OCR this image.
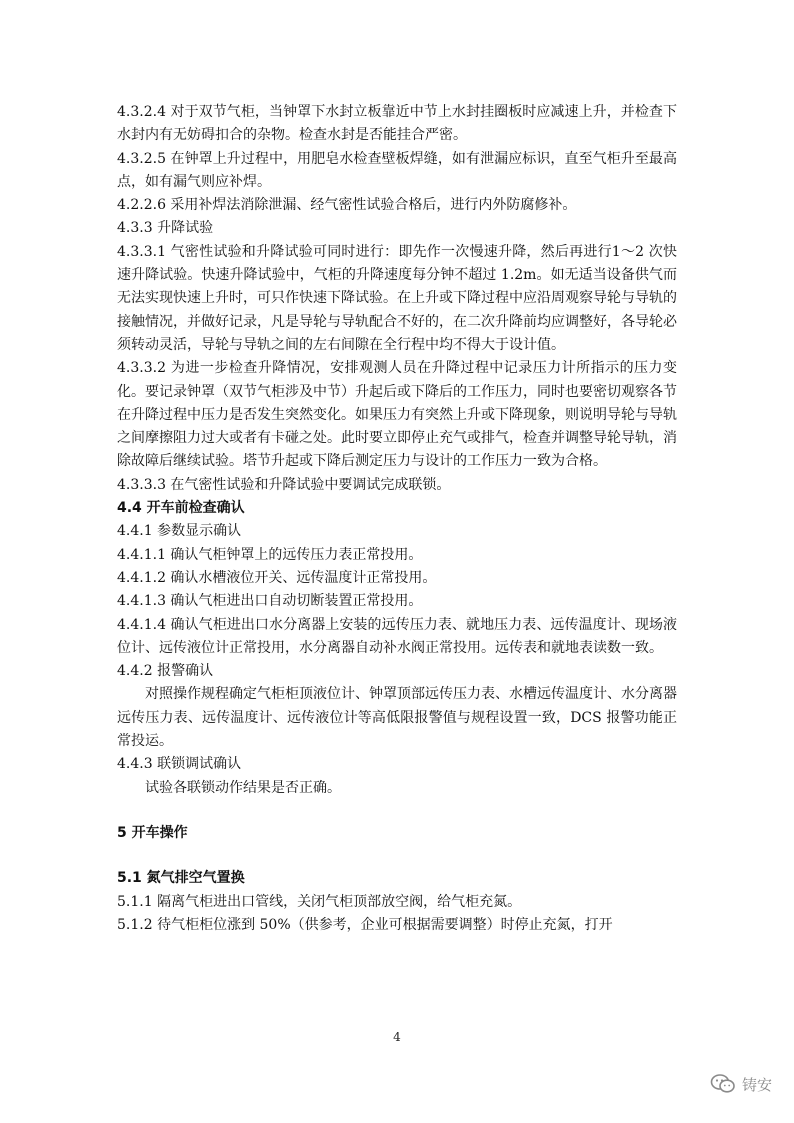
4.3.2.4 对于双节气柜，当钟罩下水封立板靠近中节上水封挂圈板时应减速上升，并检查下水封内有无妨碍扣合的杂物。检查水封是否能挂合严密。

4.3.2.5 在钟罩上升过程中，用肥皂水检查壁板焊缝，如有泄漏应标识，直至气柜升至最高点，如有漏气则应补焊。

4.2.2.6 采用补焊法消除泄漏、经气密性试验合格后，进行内外防腐修补。

4.3.3 升降试验

4.3.3.1 气密性试验和升降试验可同时进行：即先作一次慢速升降，然后再进行1～2 次快速升降试验。快速升降试验中，气柜的升降速度每分钟不超过 1.2m。如无适当设备供气而无法实现快速上升时，可只作快速下降试验。在上升或下降过程中应沿周观察导轮与导轨的接触情况，并做好记录，凡是导轮与导轨配合不好的，在二次升降前均应调整好，各导轮必须转动灵活，导轮与导轨之间的左右间隙在全行程中均不得大于设计值。

4.3.3.2 为进一步检查升降情况，安排观测人员在升降过程中记录压力计所指示的压力变化。要记录钟罩（双节气柜涉及中节）升起后或下降后的工作压力，同时也要密切观察各节在升降过程中压力是否发生突然变化。如果压力有突然上升或下降现象，则说明导轮与导轨之间摩擦阻力过大或者有卡碰之处。此时要立即停止充气或排气，检查并调整导轮导轨，消除故障后继续试验。塔节升起或下降后测定压力与设计的工作压力一致为合格。

4.3.3.3 在气密性试验和升降试验中要调试完成联锁。

4.4 开车前检查确认

4.4.1 参数显示确认

4.4.1.1 确认气柜钟罩上的远传压力表正常投用。

4.4.1.2 确认水槽液位开关、远传温度计正常投用。

4.4.1.3 确认气柜进出口自动切断装置正常投用。

4.4.1.4 确认气柜进出口水分离器上安装的远传压力表、就地压力表、远传温度计、现场液位计、远传液位计正常投用，水分离器自动补水阀正常投用。远传表和就地表读数一致。

4.4.2 报警确认

对照操作规程确定气柜柜顶液位计、钟罩顶部远传压力表、水槽远传温度计、水分离器远传压力表、远传温度计、远传液位计等高低限报警值与规程设置一致，DCS 报警功能正常投运。

4.4.3 联锁调试确认

试验各联锁动作结果是否正确。

5 开车操作

5.1 氮气排空气置换

5.1.1 隔离气柜进出口管线，关闭气柜顶部放空阀，给气柜充氮。

5.1.2 待气柜柜位涨到 50%（供参考，企业可根据需要调整）时停止充氮，打开

4
铸安
